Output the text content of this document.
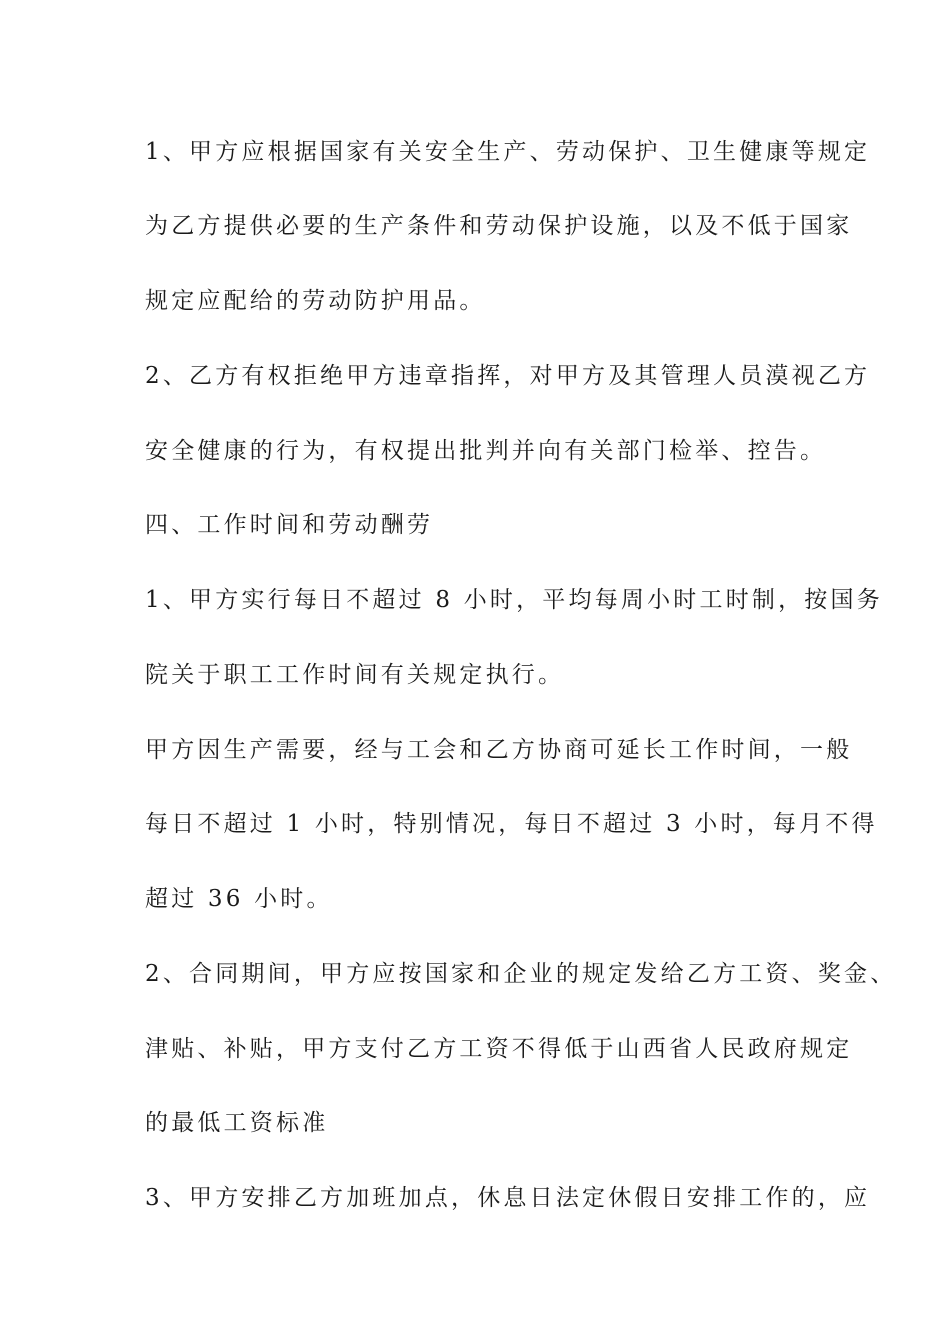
1、甲方应根据国家有关安全生产、劳动保护、卫生健康等规定

为乙方提供必要的生产条件和劳动保护设施，以及不低于国家

规定应配给的劳动防护用品。

2、乙方有权拒绝甲方违章指挥，对甲方及其管理人员漠视乙方

安全健康的行为，有权提出批判并向有关部门检举、控告。

四、工作时间和劳动酬劳

1、甲方实行每日不超过 8 小时，平均每周小时工时制，按国务

院关于职工工作时间有关规定执行。

甲方因生产需要，经与工会和乙方协商可延长工作时间，一般

每日不超过 1 小时，特别情况，每日不超过 3 小时，每月不得

超过 36 小时。

2、合同期间，甲方应按国家和企业的规定发给乙方工资、奖金、

津贴、补贴，甲方支付乙方工资不得低于山西省人民政府规定

的最低工资标准

3、甲方安排乙方加班加点，休息日法定休假日安排工作的，应
